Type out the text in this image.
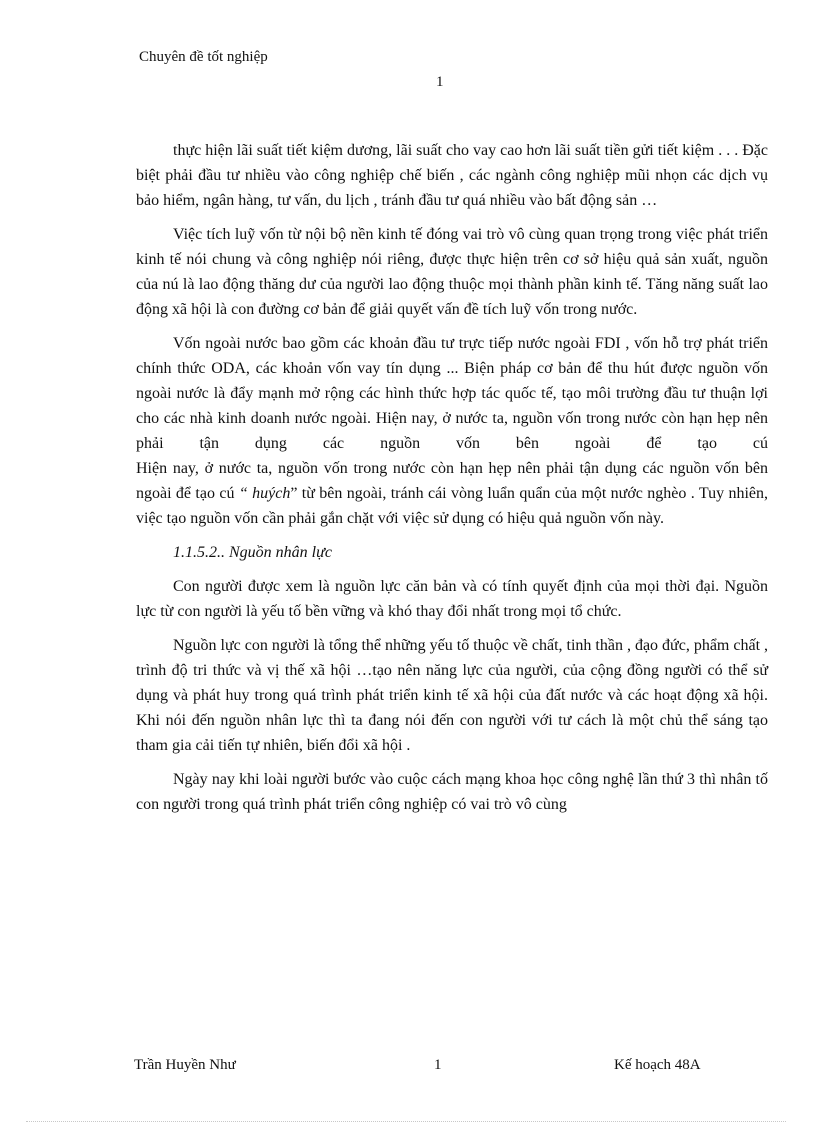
Chuyên đề tốt nghiệp
1

thực hiện lãi suất tiết kiệm dương, lãi suất cho vay cao hơn lãi suất tiền gửi tiết kiệm . . . Đặc biệt phải đầu tư nhiều vào công nghiệp chế biến , các ngành công nghiệp mũi nhọn các dịch vụ bảo hiểm, ngân hàng, tư vấn, du lịch , tránh đầu tư quá nhiều vào bất động sản …

Việc tích luỹ vốn từ nội bộ nền kinh tế đóng vai trò vô cùng quan trọng trong việc phát triển kinh tế nói chung và công nghiệp nói riêng, được thực hiện trên cơ sở hiệu quả sản xuất, nguồn của nú là lao động thăng dư của người lao động thuộc mọi thành phần kinh tế. Tăng năng suất lao động xã hội là con đường cơ bản để giải quyết vấn đề tích luỹ vốn trong nước.

Vốn ngoài nước bao gồm các khoản đầu tư trực tiếp nước ngoài FDI , vốn hỗ trợ phát triển chính thức ODA, các khoản vốn vay tín dụng ... Biện pháp cơ bản để thu hút được nguồn vốn ngoài nước là đẩy mạnh mở rộng các hình thức hợp tác quốc tế, tạo môi trường đầu tư thuận lợi cho các nhà kinh doanh nước ngoài. Hiện nay, ở nước ta, nguồn vốn trong nước còn hạn hẹp nên phải tận dụng các nguồn vốn bên ngoài để tạo cú

Hiện nay, ở nước ta, nguồn vốn trong nước còn hạn hẹp nên phải tận dụng các nguồn vốn bên ngoài để tạo cú “ huých” từ bên ngoài, tránh cái vòng luẩn quẩn của một nước nghèo . Tuy nhiên, việc tạo nguồn vốn cần phải gắn chặt với việc sử dụng có hiệu quả nguồn vốn này.

1.1.5.2.. Nguồn nhân lực

Con người được xem là nguồn lực căn bản và có tính quyết định của mọi thời đại. Nguồn lực từ con người là yếu tố bền vững và khó thay đổi nhất trong mọi tổ chức.

Nguồn lực con người là tổng thể những yếu tố thuộc về chất, tinh thần , đạo đức, phẩm chất , trình độ tri thức và vị thế xã hội …tạo nên năng lực của người, của cộng đồng người có thể sử dụng và phát huy trong quá trình phát triển kinh tế xã hội của đất nước và các hoạt động xã hội. Khi nói đến nguồn nhân lực thì ta đang nói đến con người với tư cách là một chủ thể sáng tạo tham gia cải tiến tự nhiên, biến đổi xã hội .

Ngày nay khi loài người bước vào cuộc cách mạng khoa học công nghệ lần thứ 3 thì nhân tố con người trong quá trình phát triển công nghiệp có vai trò vô cùng

Trần Huyền Như	1	Kế hoạch 48A
